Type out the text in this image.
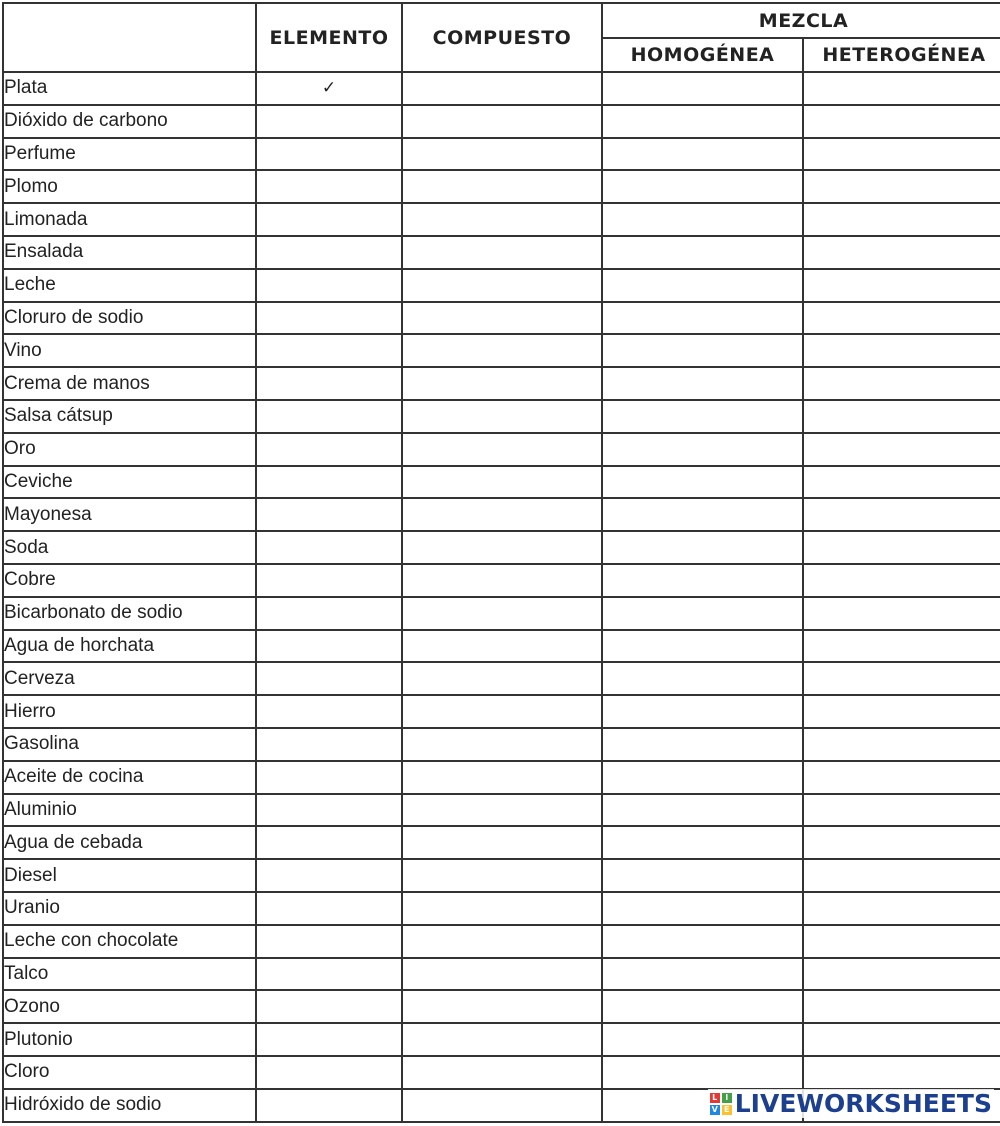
	ELEMENTO	COMPUESTO	MEZCLA	
			HOMOGÉNEA	HETEROGÉNEA
Plata	✓			
Dióxido de carbono				
Perfume				
Plomo				
Limonada				
Ensalada				
Leche				
Cloruro de sodio				
Vino				
Crema de manos				
Salsa cátsup				
Oro				
Ceviche				
Mayonesa				
Soda				
Cobre				
Bicarbonato de sodio				
Agua de horchata				
Cerveza				
Hierro				
Gasolina				
Aceite de cocina				
Aluminio				
Agua de cebada				
Diesel				
Uranio				
Leche con chocolate				
Talco				
Ozono				
Plutonio				
Cloro				
Hidróxido de sodio					L I
V E LIVEWORKSHEETS
